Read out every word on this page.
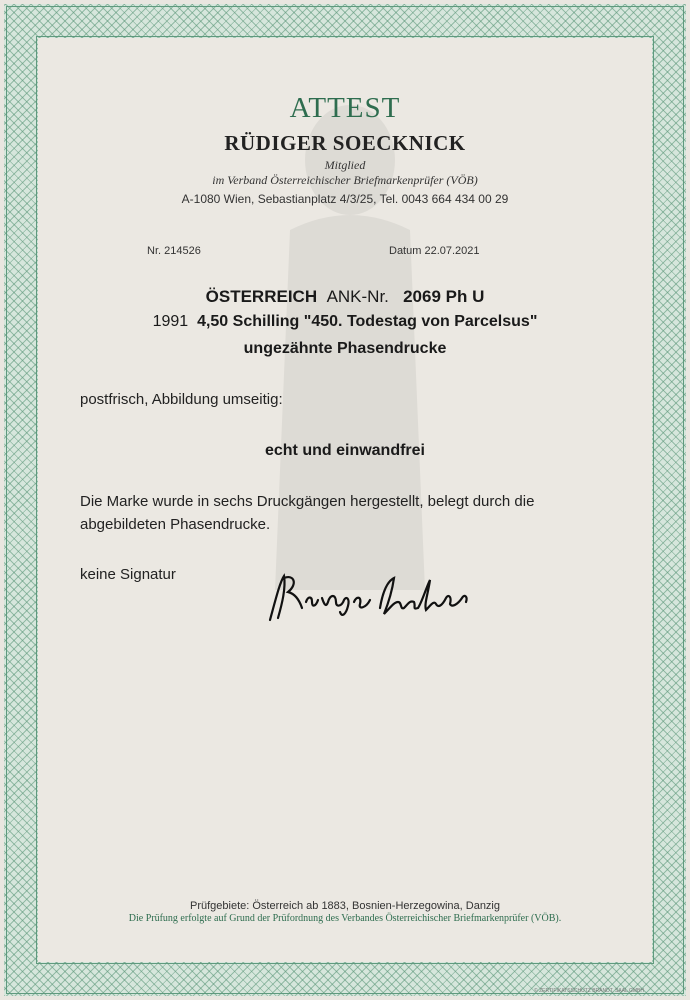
ATTEST
RÜDIGER SOECKNICK
Mitglied
im Verband Österreichischer Briefmarkenprüfer (VÖB)
A-1080 Wien, Sebastianplatz 4/3/25, Tel. 0043 664 434 00 29
Nr. 214526	Datum 22.07.2021
ÖSTERREICH ANK-Nr. 2069 Ph U
1991 4,50 Schilling "450. Todestag von Parcelsus"
ungezähnte Phasendrucke
postfrisch, Abbildung umseitig:
echt und einwandfrei
Die Marke wurde in sechs Druckgängen hergestellt, belegt durch die
abgebildeten Phasendrucke.
keine Signatur
Prüfgebiete: Österreich ab 1883, Bosnien-Herzegowina, Danzig
Die Prüfung erfolgte auf Grund der Prüfordnung des Verbandes Österreichischer Briefmarkenprüfer (VÖB).
© ZERTIFIKATSSCHUTZ BRANDT, SAAL GMBH
